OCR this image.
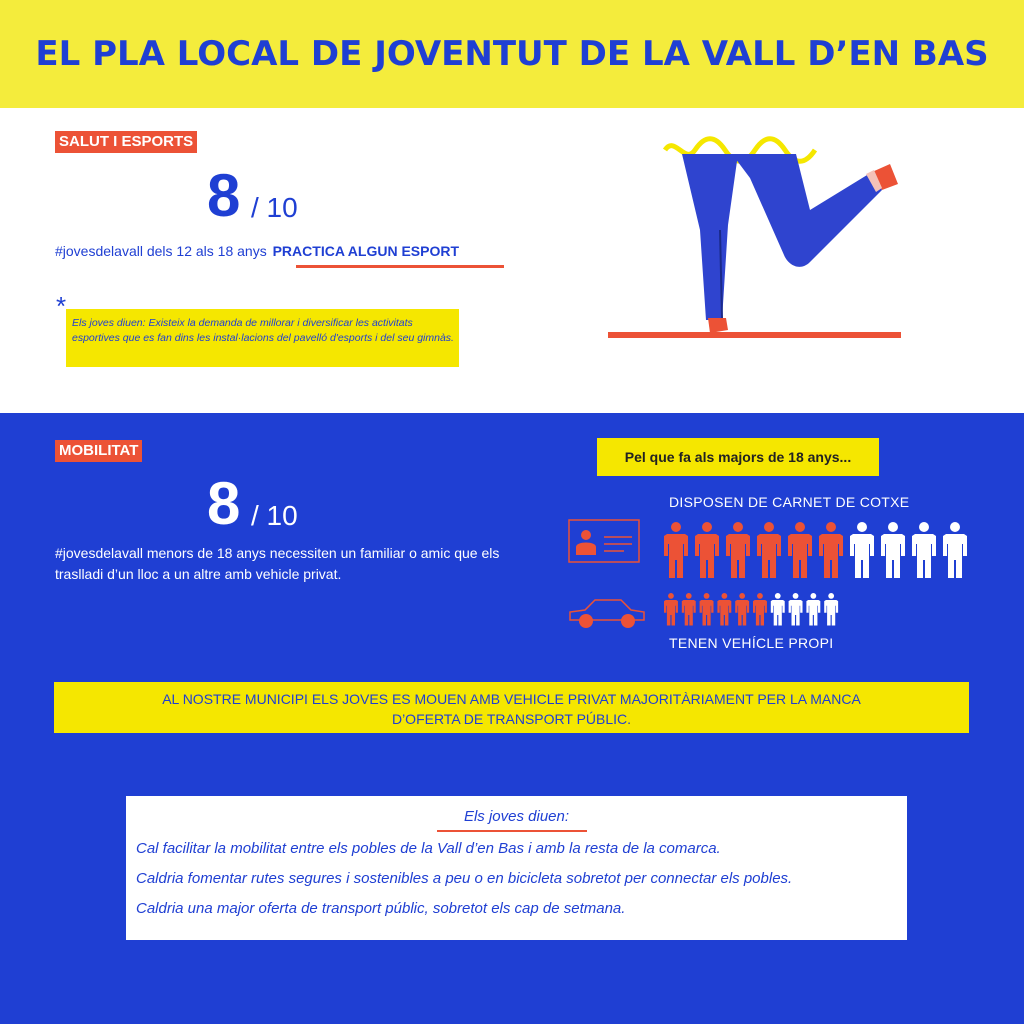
EL PLA LOCAL DE JOVENTUT DE LA VALL D’EN BAS
SALUT I ESPORTS
8 / 10
#jovesdelavall dels 12 als 18 anys PRACTICA ALGUN ESPORT
*
Els joves diuen: Existeix la demanda de millorar i diversificar les activitats esportives que es fan dins les instal·lacions del pavelló d'esports i del seu gimnàs.
MOBILITAT
8 / 10
#jovesdelavall menors de 18 anys necessiten un familiar o amic que els traslladi d’un lloc a un altre amb vehicle privat.
Pel que fa als majors de 18 anys...
DISPOSEN DE CARNET DE COTXE
TENEN VEHÍCLE PROPI
AL NOSTRE MUNICIPI ELS JOVES ES MOUEN AMB VEHICLE PRIVAT MAJORITÀRIAMENT PER LA MANCA D’OFERTA DE TRANSPORT PÚBLIC.
Els joves diuen:
Cal facilitar la mobilitat entre els pobles de la Vall d’en Bas i amb la resta de la comarca.
Caldria fomentar rutes segures i sostenibles a peu o en bicicleta sobretot per connectar els pobles.
Caldria una major oferta de transport públic, sobretot els cap de setmana.
